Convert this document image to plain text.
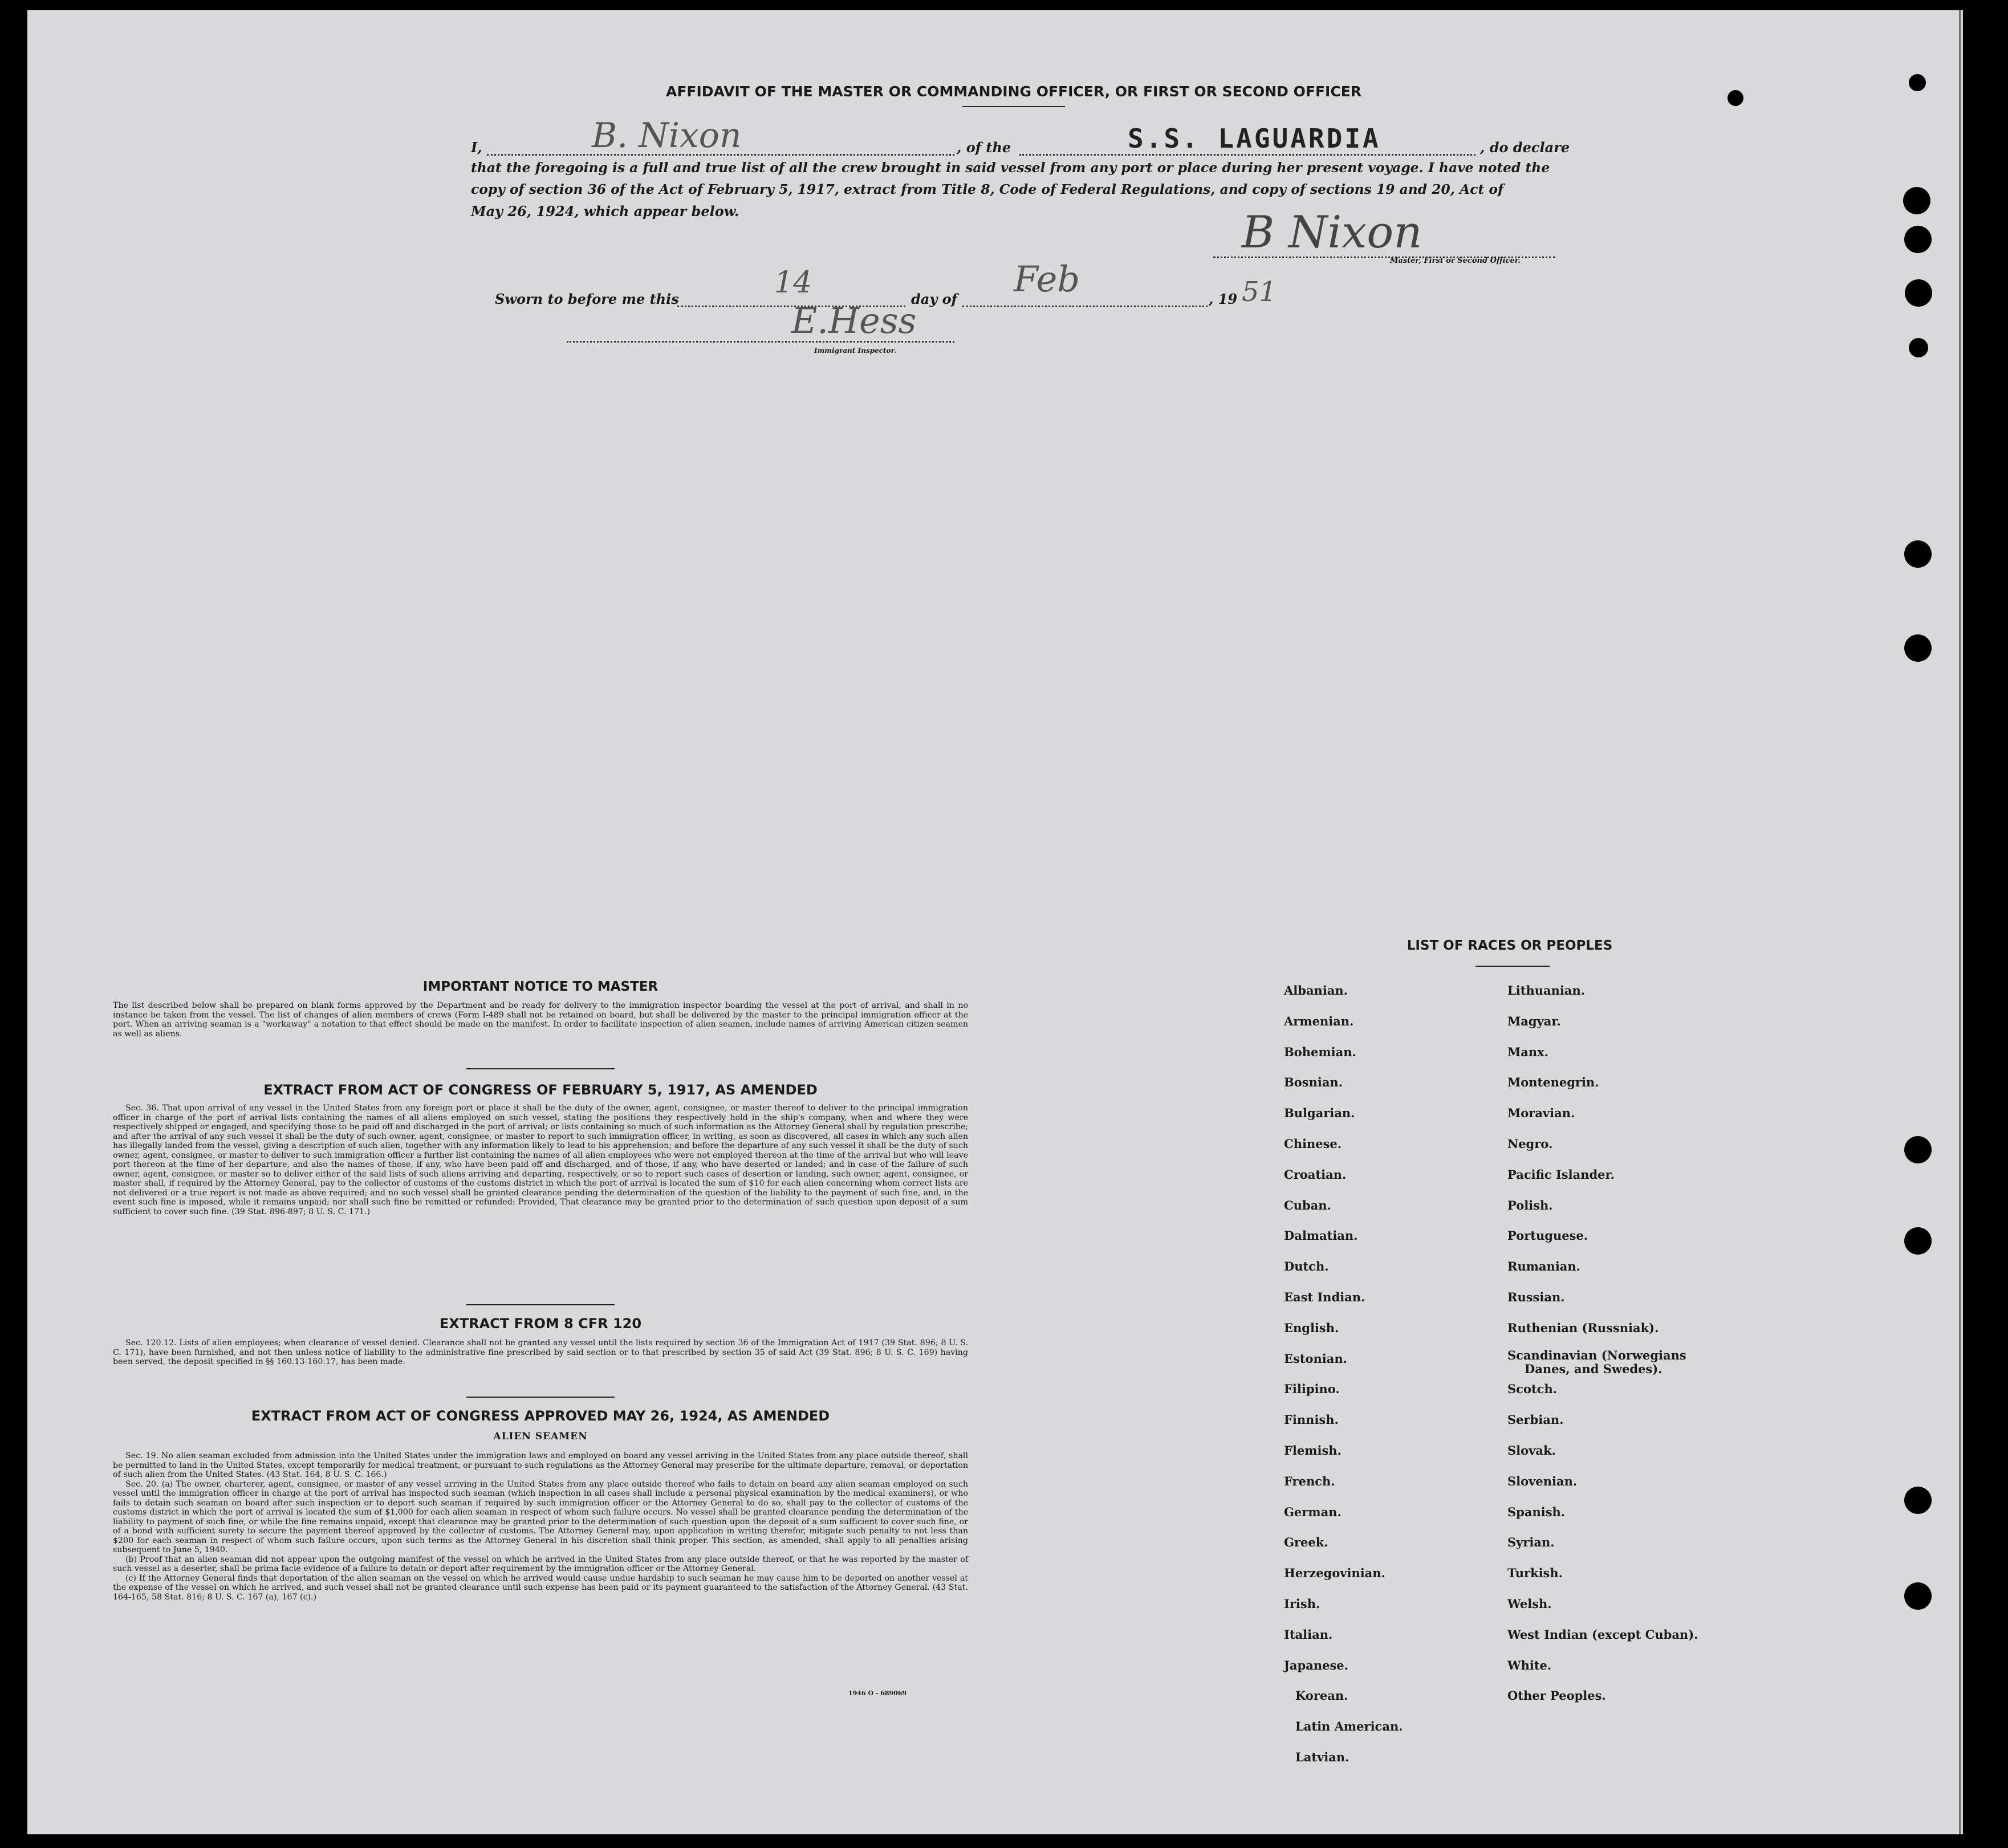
AFFIDAVIT OF THE MASTER OR COMMANDING OFFICER, OR FIRST OR SECOND OFFICER
I,	B. Nixon	, of the	S.S. LAGUARDIA	, do declare
that the foregoing is a full and true list of all the crew brought in said vessel from any port or place during her present voyage. I have noted the
copy of section 36 of the Act of February 5, 1917, extract from Title 8, Code of Federal Regulations, and copy of sections 19 and 20, Act of
May 26, 1924, which appear below.	B Nixon
Master, First or Second Officer.
Sworn to before me this	14	day of Feb	, 19 51
E.Hess
Immigrant Inspector.
IMPORTANT NOTICE TO MASTER
The list described below shall be prepared on blank forms approved by the Department and be ready for delivery to the immigration inspector boarding the vessel at the port of arrival, and shall in no instance be taken from the vessel. The list of changes of alien members of crews (Form I-489 shall not be retained on board, but shall be delivered by the master to the principal immigration officer at the port. When an arriving seaman is a "workaway" a notation to that effect should be made on the manifest. In order to facilitate inspection of alien seamen, include names of arriving American citizen seamen as well as aliens.
EXTRACT FROM ACT OF CONGRESS OF FEBRUARY 5, 1917, AS AMENDED

Sec. 36. That upon arrival of any vessel in the United States from any foreign port or place it shall be the duty of the owner, agent, consignee, or master thereof to deliver to the principal immigration officer in charge of the port of arrival lists containing the names of all aliens employed on such vessel, stating the positions they respectively hold in the ship's company, when and where they were respectively shipped or engaged, and specifying those to be paid off and discharged in the port of arrival; or lists containing so much of such information as the Attorney General shall by regulation prescribe; and after the arrival of any such vessel it shall be the duty of such owner, agent, consignee, or master to report to such immigration officer, in writing, as soon as discovered, all cases in which any such alien has illegally landed from the vessel, giving a description of such alien, together with any information likely to lead to his apprehension; and before the departure of any such vessel it shall be the duty of such owner, agent, consignee, or master to deliver to such immigration officer a further list containing the names of all alien employees who were not employed thereon at the time of the arrival but who will leave port thereon at the time of her departure, and also the names of those, if any, who have been paid off and discharged, and of those, if any, who have deserted or landed; and in case of the failure of such owner, agent, consignee, or master so to deliver either of the said lists of such aliens arriving and departing, respectively, or so to report such cases of desertion or landing, such owner, agent, consignee, or master shall, if required by the Attorney General, pay to the collector of customs of the customs district in which the port of arrival is located the sum of $10 for each alien concerning whom correct lists are not delivered or a true report is not made as above required; and no such vessel shall be granted clearance pending the determination of the question of the liability to the payment of such fine, and, in the event such fine is imposed, while it remains unpaid; nor shall such fine be remitted or refunded: Provided, That clearance may be granted prior to the determination of such question upon deposit of a sum sufficient to cover such fine. (39 Stat. 896-897; 8 U. S. C. 171.)

EXTRACT FROM 8 CFR 120

Sec. 120.12. Lists of alien employees; when clearance of vessel denied. Clearance shall not be granted any vessel until the lists required by section 36 of the Immigration Act of 1917 (39 Stat. 896; 8 U. S. C. 171), have been furnished, and not then unless notice of liability to the administrative fine prescribed by said section or to that prescribed by section 35 of said Act (39 Stat. 896; 8 U. S. C. 169) having been served, the deposit specified in §§ 160.13-160.17, has been made.

EXTRACT FROM ACT OF CONGRESS APPROVED MAY 26, 1924, AS AMENDED
ALIEN SEAMEN

Sec. 19. No alien seaman excluded from admission into the United States under the immigration laws and employed on board any vessel arriving in the United States from any place outside thereof, shall be permitted to land in the United States, except temporarily for medical treatment, or pursuant to such regulations as the Attorney General may prescribe for the ultimate departure, removal, or deportation of such alien from the United States. (43 Stat. 164, 8 U. S. C. 166.)

Sec. 20. (a) The owner, charterer, agent, consignee, or master of any vessel arriving in the United States from any place outside thereof who fails to detain on board any alien seaman employed on such vessel until the immigration officer in charge at the port of arrival has inspected such seaman (which inspection in all cases shall include a personal physical examination by the medical examiners), or who fails to detain such seaman on board after such inspection or to deport such seaman if required by such immigration officer or the Attorney General to do so, shall pay to the collector of customs of the customs district in which the port of arrival is located the sum of $1,000 for each alien seaman in respect of whom such failure occurs. No vessel shall be granted clearance pending the determination of the liability to payment of such fine, or while the fine remains unpaid, except that clearance may be granted prior to the determination of such question upon the deposit of a sum sufficient to cover such fine, or of a bond with sufficient surety to secure the payment thereof approved by the collector of customs. The Attorney General may, upon application in writing therefor, mitigate such penalty to not less than $200 for each seaman in respect of whom such failure occurs, upon such terms as the Attorney General in his discretion shall think proper. This section, as amended, shall apply to all penalties arising subsequent to June 5, 1940.

(b) Proof that an alien seaman did not appear upon the outgoing manifest of the vessel on which he arrived in the United States from any place outside thereof, or that he was reported by the master of such vessel as a deserter, shall be prima facie evidence of a failure to detain or deport after requirement by the immigration officer or the Attorney General.

(c) If the Attorney General finds that deportation of the alien seaman on the vessel on which he arrived would cause undue hardship to such seaman he may cause him to be deported on another vessel at the expense of the vessel on which he arrived, and such vessel shall not be granted clearance until such expense has been paid or its payment guaranteed to the satisfaction of the Attorney General. (43 Stat. 164-165, 58 Stat. 816; 8 U. S. C. 167 (a), 167 (c).)

1946 O - 689069
LIST OF RACES OR PEOPLES
Albanian.
Armenian.
Bohemian.
Bosnian.
Bulgarian.
Chinese.
Croatian.
Cuban.
Dalmatian.
Dutch.
East Indian.
English.
Estonian.
Filipino.
Finnish.
Flemish.
French.
German.
Greek.
Herzegovinian.
Irish.
Italian.
Japanese.
Korean.
Latin American.
Latvian.
Lithuanian.
Magyar.
Manx.
Montenegrin.
Moravian.
Negro.
Pacific Islander.
Polish.
Portuguese.
Rumanian.
Russian.
Ruthenian (Russniak).
Scandinavian (Norwegians
Danes, and Swedes).
Scotch.
Serbian.
Slovak.
Slovenian.
Spanish.
Syrian.
Turkish.
Welsh.
West Indian (except Cuban).
White.
Other Peoples.
